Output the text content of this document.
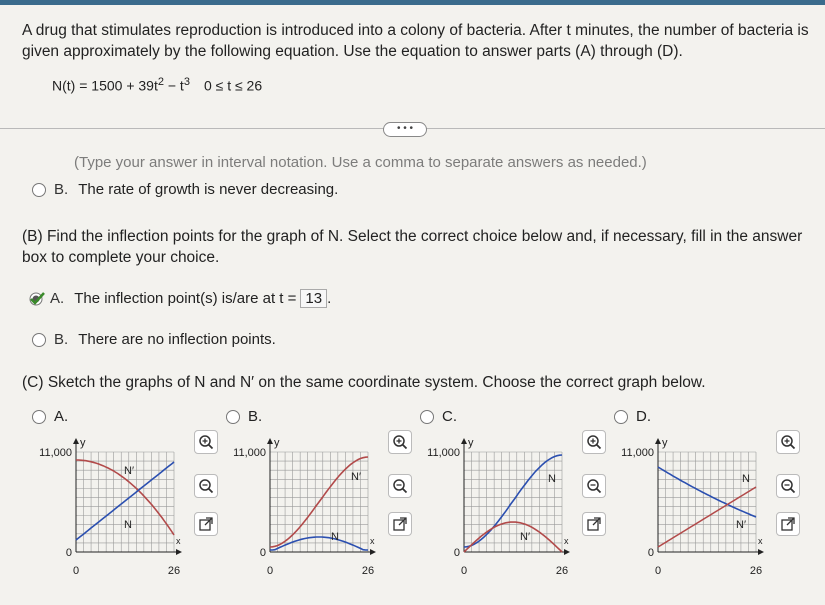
A drug that stimulates reproduction is introduced into a colony of bacteria. After t minutes, the number of bacteria is given approximately by the following equation. Use the equation to answer parts (A) through (D).
$N(t) = 1500 + 39t^2 - t^3$ 0 ≤ t ≤ 26
• • •
(Type your answer in interval notation. Use a comma to separate answers as needed.)
B. The rate of growth is never decreasing.
(B) Find the inflection points for the graph of N. Select the correct choice below and, if necessary, fill in the answer box to complete your choice.
A. The inflection point(s) is/are at t = 13 .
B. There are no inflection points.
(C) Sketch the graphs of N and N′ on the same coordinate system. Choose the correct graph below.
A.
y
11,000
0
0	26
x
N′
N
B.
y
11,000
0
0	26
x
N′
N
C.
y
11,000
0
0	26
x
N
N′
D.
y
11,000
0
0	26
x
N
N′
